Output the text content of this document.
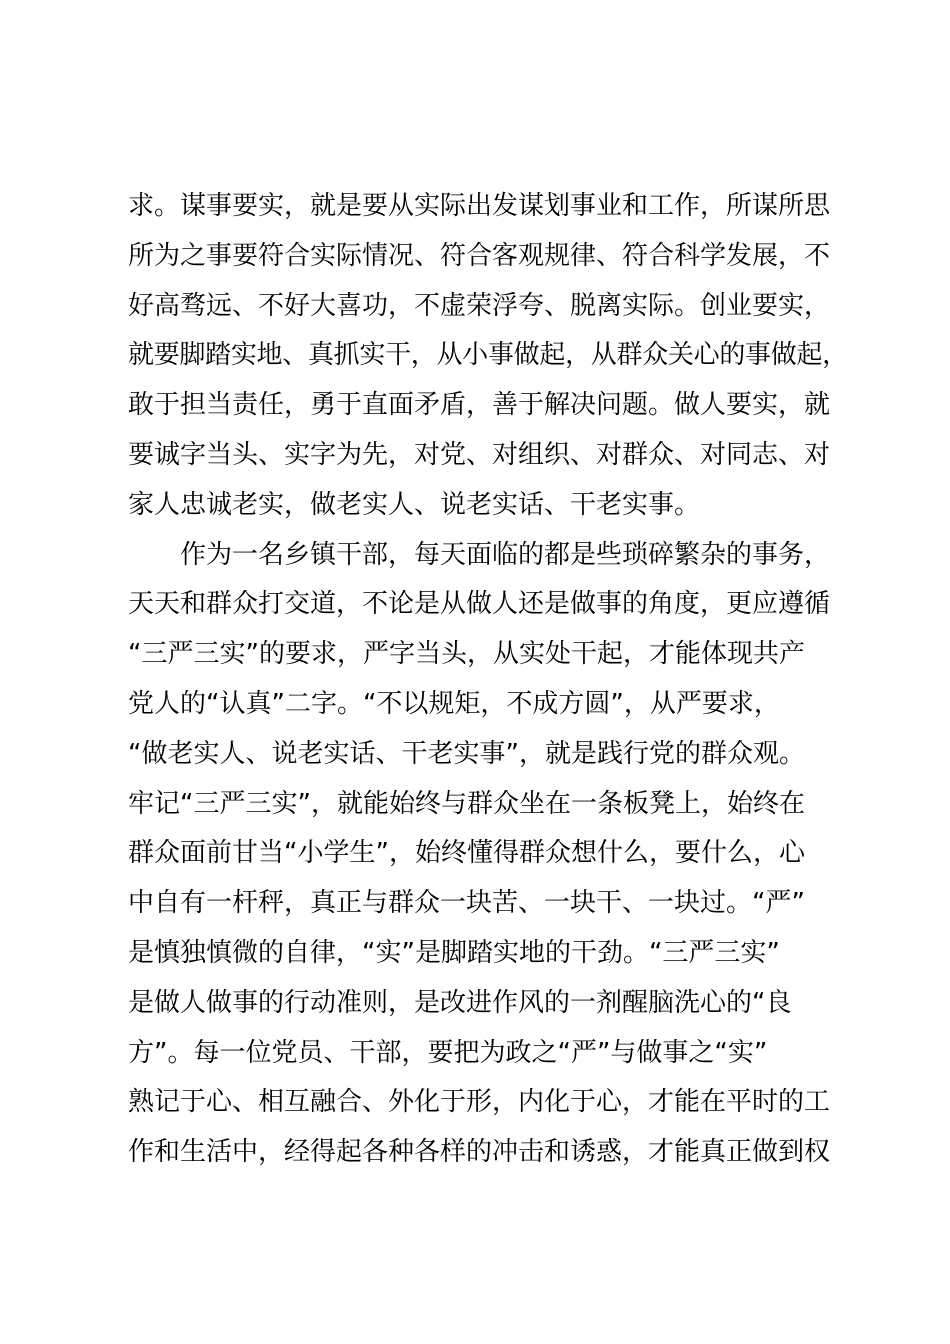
求。谋事要实，就是要从实际出发谋划事业和工作，所谋所思
所为之事要符合实际情况、符合客观规律、符合科学发展，不
好高骛远、不好大喜功，不虚荣浮夸、脱离实际。创业要实，
就要脚踏实地、真抓实干，从小事做起，从群众关心的事做起，
敢于担当责任，勇于直面矛盾，善于解决问题。做人要实，就
要诚字当头、实字为先，对党、对组织、对群众、对同志、对
家人忠诚老实，做老实人、说老实话、干老实事。
作为一名乡镇干部，每天面临的都是些琐碎繁杂的事务，
天天和群众打交道，不论是从做人还是做事的角度，更应遵循
“三严三实”的要求，严字当头，从实处干起，才能体现共产
党人的“认真”二字。“不以规矩，不成方圆”，从严要求，
“做老实人、说老实话、干老实事”，就是践行党的群众观。
牢记“三严三实”，就能始终与群众坐在一条板凳上，始终在
群众面前甘当“小学生”，始终懂得群众想什么，要什么，心
中自有一杆秤，真正与群众一块苦、一块干、一块过。“严”
是慎独慎微的自律，“实”是脚踏实地的干劲。“三严三实”
是做人做事的行动准则，是改进作风的一剂醒脑洗心的“良
方”。每一位党员、干部，要把为政之“严”与做事之“实”
熟记于心、相互融合、外化于形，内化于心，才能在平时的工
作和生活中，经得起各种各样的冲击和诱惑，才能真正做到权
